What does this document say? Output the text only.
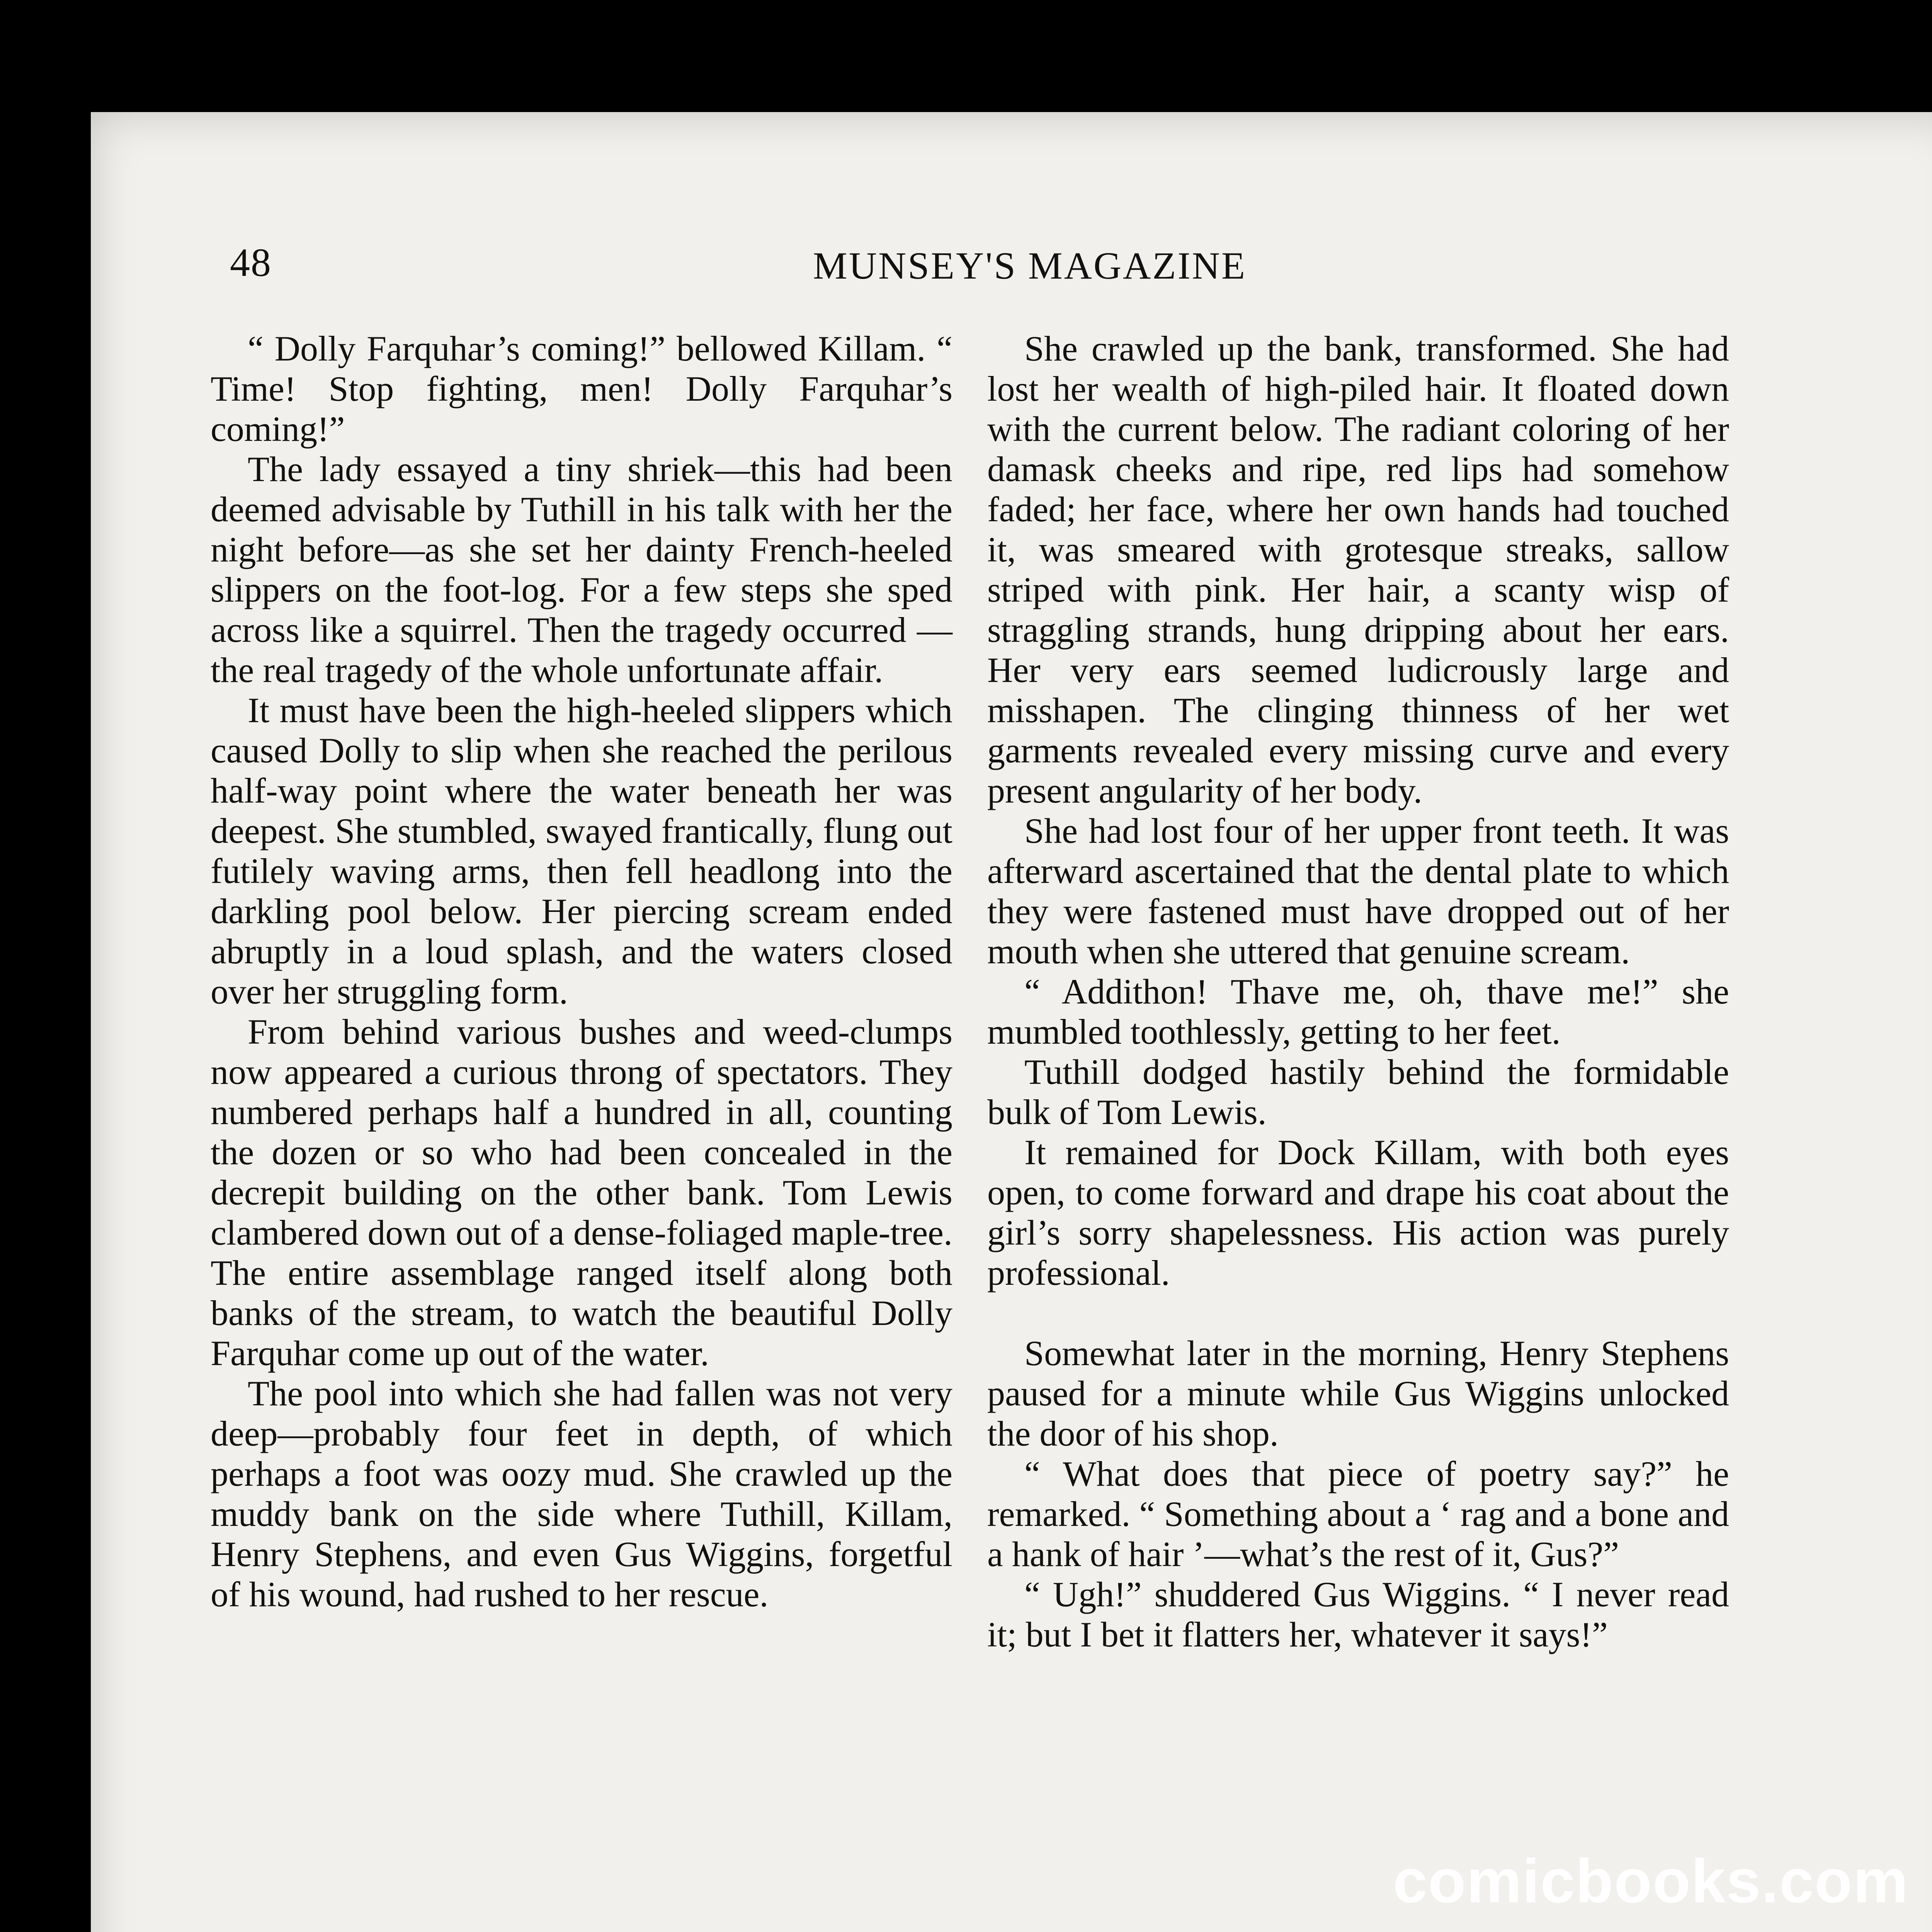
48	MUNSEY'S MAGAZINE

“ Dolly Farquhar’s coming!” bellowed Killam. “ Time! Stop fighting, men! Dolly Farquhar’s coming!”

The lady essayed a tiny shriek—this had been deemed advisable by Tuthill in his talk with her the night before—as she set her dainty French-heeled slippers on the foot-log. For a few steps she sped across like a squirrel. Then the tragedy occurred —the real tragedy of the whole unfortunate affair.

It must have been the high-heeled slippers which caused Dolly to slip when she reached the perilous half-way point where the water beneath her was deepest. She stumbled, swayed frantically, flung out futilely waving arms, then fell headlong into the darkling pool below. Her piercing scream ended abruptly in a loud splash, and the waters closed over her struggling form.

From behind various bushes and weed-clumps now appeared a curious throng of spectators. They numbered perhaps half a hundred in all, counting the dozen or so who had been concealed in the decrepit building on the other bank. Tom Lewis clambered down out of a dense-foliaged maple-tree. The entire assemblage ranged itself along both banks of the stream, to watch the beautiful Dolly Farquhar come up out of the water.

The pool into which she had fallen was not very deep—probably four feet in depth, of which perhaps a foot was oozy mud. She crawled up the muddy bank on the side where Tuthill, Killam, Henry Stephens, and even Gus Wiggins, forgetful of his wound, had rushed to her rescue.

She crawled up the bank, transformed. She had lost her wealth of high-piled hair. It floated down with the current below. The radiant coloring of her damask cheeks and ripe, red lips had somehow faded; her face, where her own hands had touched it, was smeared with grotesque streaks, sallow striped with pink. Her hair, a scanty wisp of straggling strands, hung dripping about her ears. Her very ears seemed ludicrously large and misshapen. The clinging thinness of her wet garments revealed every missing curve and every present angularity of her body.

She had lost four of her upper front teeth. It was afterward ascertained that the dental plate to which they were fastened must have dropped out of her mouth when she uttered that genuine scream.

“ Addithon! Thave me, oh, thave me!” she mumbled toothlessly, getting to her feet.

Tuthill dodged hastily behind the formidable bulk of Tom Lewis.

It remained for Dock Killam, with both eyes open, to come forward and drape his coat about the girl’s sorry shapelessness. His action was purely professional.

Somewhat later in the morning, Henry Stephens paused for a minute while Gus Wiggins unlocked the door of his shop.

“ What does that piece of poetry say?” he remarked. “ Something about a ‘ rag and a bone and a hank of hair ’—what’s the rest of it, Gus?”

“ Ugh!” shuddered Gus Wiggins. “ I never read it; but I bet it flatters her, whatever it says!”

comicbooks.com
